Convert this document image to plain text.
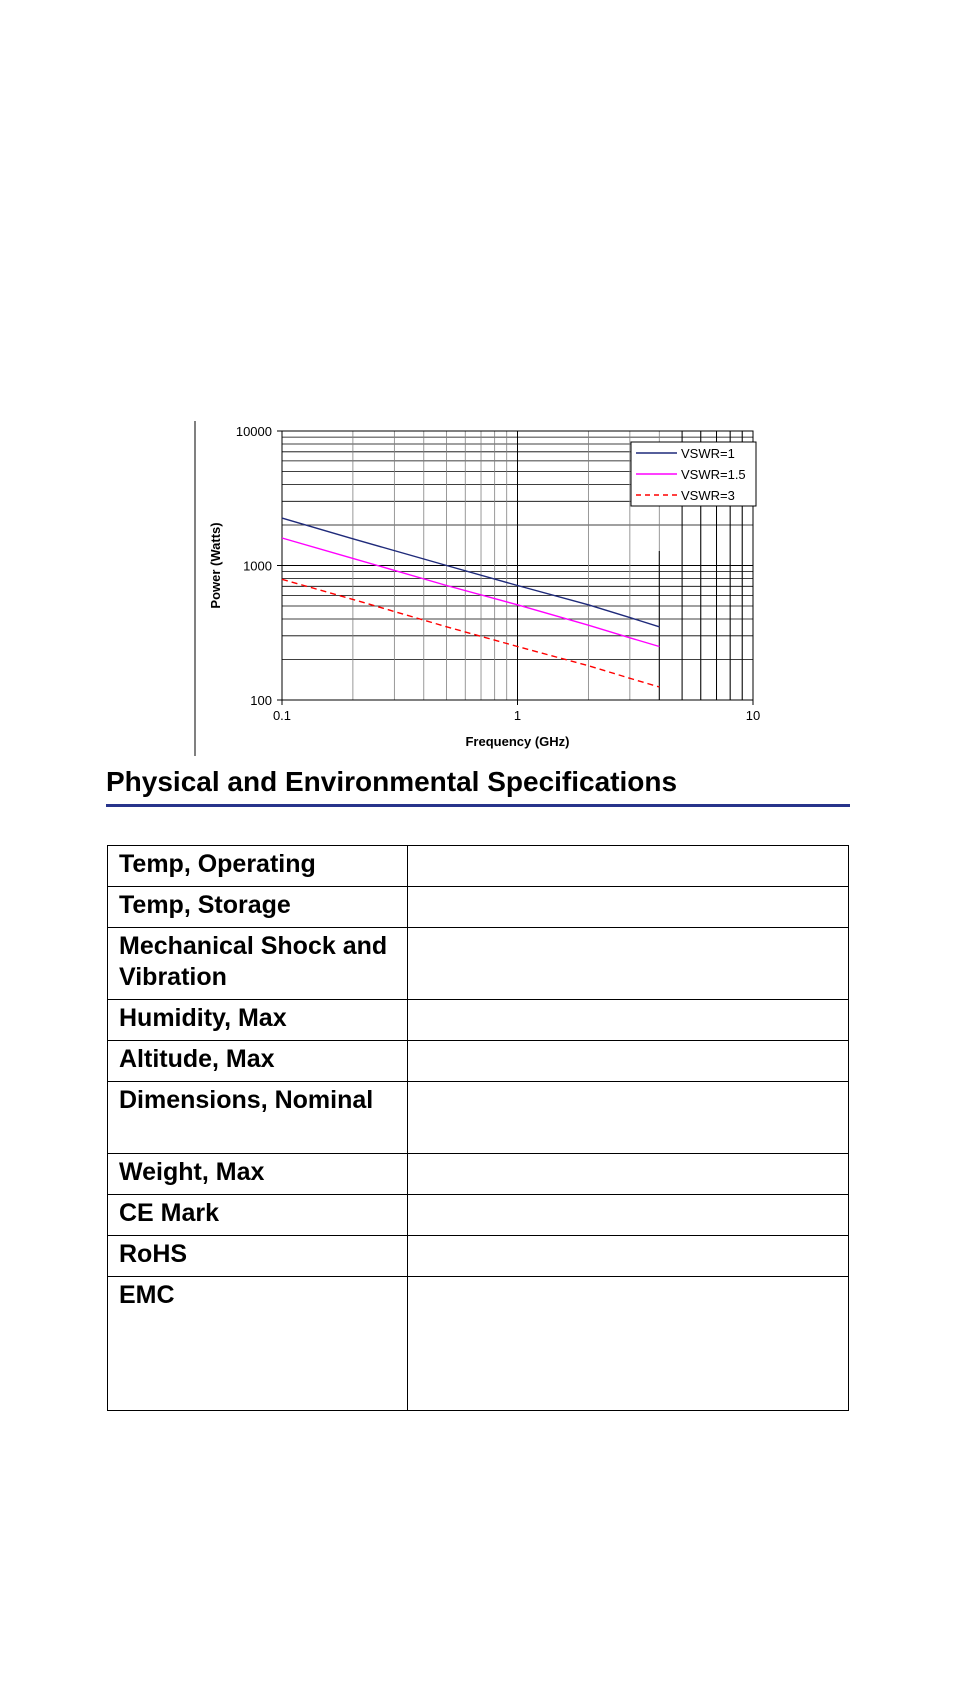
0.1	1	10
100
1000
10000
Frequency (GHz)
Power (Watts)
VSWR=1
VSWR=1.5
VSWR=3
Physical and Environmental Specifications
Temp, Operating	
Temp, Storage	
Mechanical Shock and Vibration	
Humidity, Max	
Altitude, Max	
Dimensions, Nominal	
Weight, Max	
CE Mark	
RoHS	
EMC	
